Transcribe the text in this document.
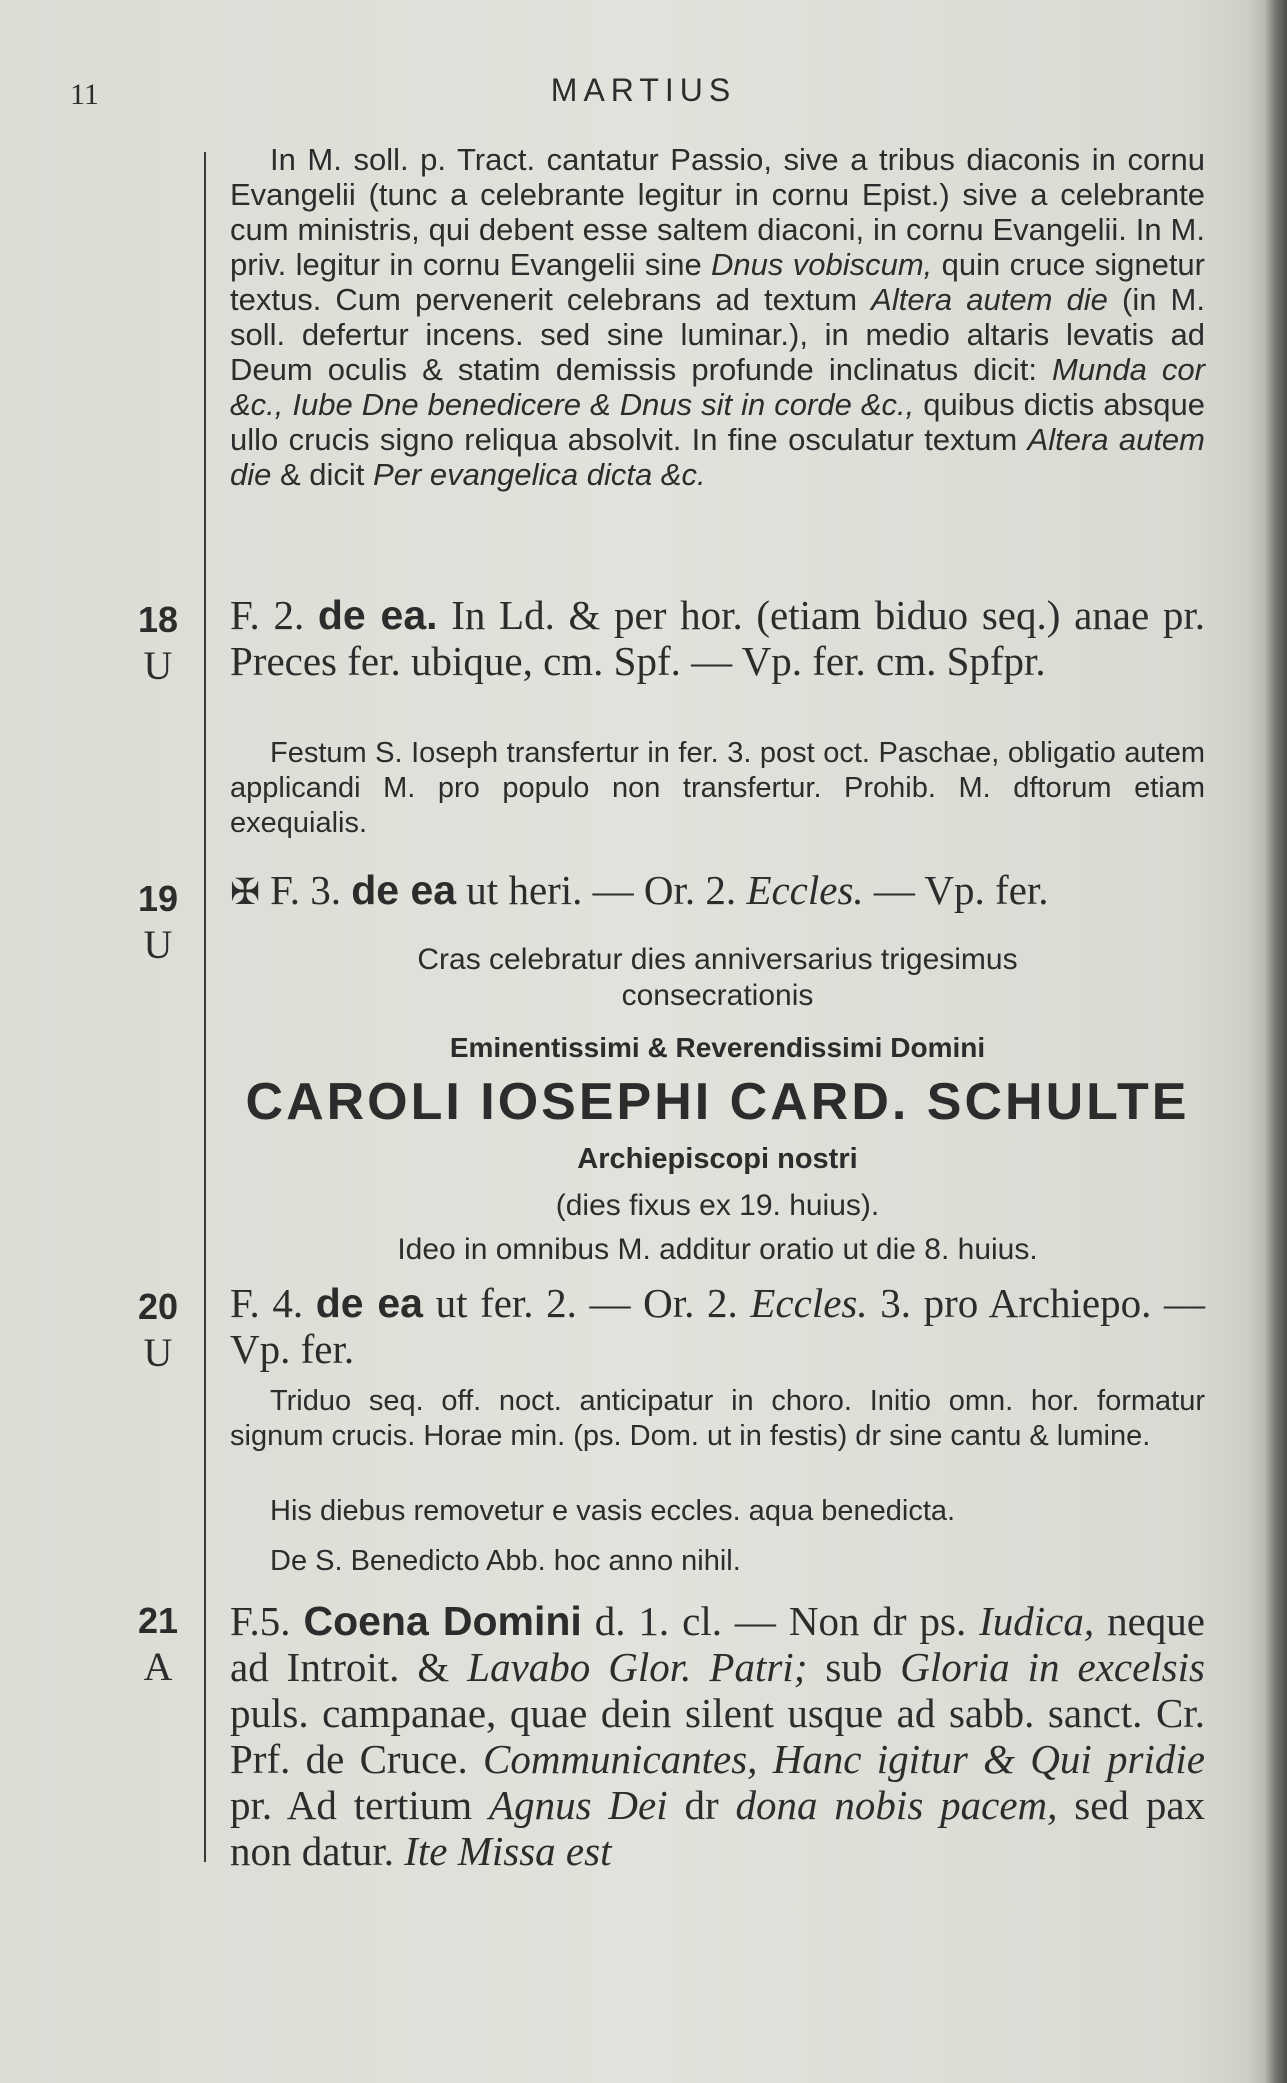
11	MARTIUS

In M. soll. p. Tract. cantatur Passio, sive a tribus diaconis in cornu Evangelii (tunc a celebrante legitur in cornu Epist.) sive a celebrante cum ministris, qui debent esse saltem diaconi, in cornu Evangelii. In M. priv. legitur in cornu Evangelii sine Dnus vobiscum, quin cruce signetur textus. Cum pervenerit celebrans ad textum Altera autem die (in M. soll. defertur incens. sed sine luminar.), in medio altaris levatis ad Deum oculis & statim demissis profunde inclinatus dicit: Munda cor &c., Iube Dne benedicere & Dnus sit in corde &c., quibus dictis absque ullo crucis signo reliqua absolvit. In fine osculatur textum Altera autem die & dicit Per evangelica dicta &c.

18
U

F. 2. de ea. In Ld. & per hor. (etiam biduo seq.) anae pr. Preces fer. ubique, cm. Spf. — Vp. fer. cm. Spfpr.

Festum S. Ioseph transfertur in fer. 3. post oct. Paschae, obligatio autem applicandi M. pro populo non transfertur. Prohib. M. dftorum etiam exequialis.

19
U

✠ F. 3. de ea ut heri. — Or. 2. Eccles. — Vp. fer.

Cras celebratur dies anniversarius trigesimus
consecrationis
Eminentissimi & Reverendissimi Domini
CAROLI IOSEPHI CARD. SCHULTE
Archiepiscopi nostri
(dies fixus ex 19. huius).
Ideo in omnibus M. additur oratio ut die 8. huius.
20
U

F. 4. de ea ut fer. 2. — Or. 2. Eccles. 3. pro Archiepo. — Vp. fer.

Triduo seq. off. noct. anticipatur in choro. Initio omn. hor. formatur signum crucis. Horae min. (ps. Dom. ut in festis) dr sine cantu & lumine.

His diebus removetur e vasis eccles. aqua benedicta.

De S. Benedicto Abb. hoc anno nihil.

21
A

F.5. Coena Domini d. 1. cl. — Non dr ps. Iudica, neque ad Introit. & Lavabo Glor. Patri; sub Gloria in excelsis puls. campanae, quae dein silent usque ad sabb. sanct. Cr. Prf. de Cruce. Communicantes, Hanc igitur & Qui pridie pr. Ad tertium Agnus Dei dr dona nobis pacem, sed pax non datur. Ite Missa est
